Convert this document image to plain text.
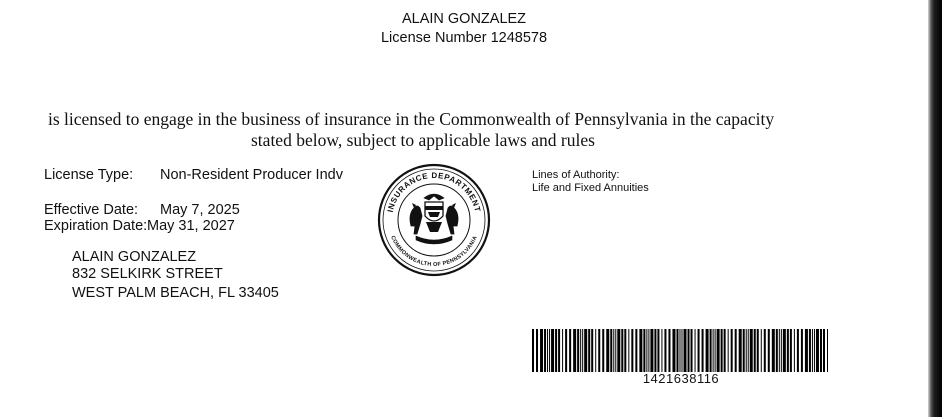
ALAIN GONZALEZ
License Number 1248578
is licensed to engage in the business of insurance in the Commonwealth of Pennsylvania in the capacity
stated below, subject to applicable laws and rules
License Type: Non-Resident Producer Indv
Effective Date: May 7, 2025
Expiration Date: May 31, 2027
ALAIN GONZALEZ
832 SELKIRK STREET
WEST PALM BEACH, FL 33405
INSURANCE DEPARTMENT
COMMONWEALTH OF PENNSYLVANIA
Lines of Authority:
Life and Fixed Annuities
1421638116
